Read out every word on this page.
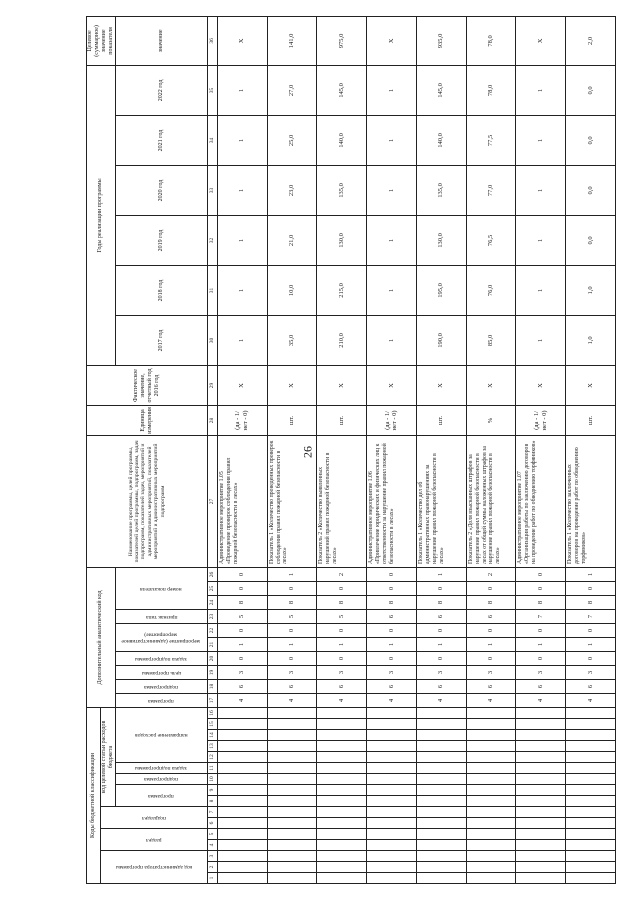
26
Коды бюджетной классификации																Дополнительный аналитический код										Наименование программы, целей программы, показателей целей программы, подпрограмм, задач подпрограмм, показателей задач, мероприятий и административных мероприятий, показателей мероприятий и административных мероприятий подпрограмм	Единица измерения	Фактическое значение, отчетный год 2016 год	Годы реализации программы						Целевое (суммарное) значение показателя	

код администратора программы			раздел		подраздел		код целевой статьи расходов бюджета																													

							программа		подпрограмма	задача подпрограммы	направление расходов					программа	подпрограмма	цель программы	задача подпрограммы	мероприятие (административное мероприятие)		признак типа	номер показателя						2017 год	2018 год	2019 год	2020 год	2021 год	2022 год	значение	
1	2	3	4	5	6	7	8	9	10	11	12	13	14	15	16	17	18	19	20	21	22	23	24	25	26	27	28	29	30	31	32	33	34	35	36	
																4	6	3	0	1	0	5	8	0	0	Административное мероприятие 1.05 «Проведение проверок соблюдения правил пожарной безопасности в лесах»	(да - 1/ нет - 0)	X	1	1	1	1	1	1	X	
																4	6	3	0	1	0	5	8	0	1	Показатель 1 «Количество проведенных проверок соблюдения правил пожарной безопасности в лесах»	шт.	X	35,0	10,0	21,0	23,0	25,0	27,0	141,0	
																4	6	3	0	1	0	5	8	0	2	Показатель 2 «Количество выявленных нарушений правил пожарной безопасности в лесах»	шт.	X	210,0	215,0	130,0	135,0	140,0	145,0	975,0	
																4	6	3	0	1	0	6	8	0	0	Административное мероприятие 1.06 «Привлечение юридических и физических лиц к ответственности за нарушение правил пожарной безопасности в лесах»	(да - 1/ нет - 0)	X	1	1	1	1	1	1	X	
																4	6	3	0	1	0	6	8	0	1	Показатель 1 «Количество дел об административных правонарушениях за нарушение правил пожарной безопасности в лесах»	шт.	X	190,0	195,0	130,0	135,0	140,0	145,0	935,0	
																4	6	3	0	1	0	6	8	0	2	Показатель 2 «Доля взысканных штрафов за нарушение правил пожарной безопасности в лесах от общей суммы наложенных штрафов за нарушение правил пожарной безопасности в лесах»	%	X	85,0	76,0	76,5	77,0	77,5	78,0	78,0	
																4	6	3	0	1	0	7	8	0	0	Административное мероприятие 1.07 «Организация работы по заключению договоров на проведение работ по обводнению торфяников»	(да - 1/ нет - 0)	X	1	1	1	1	1	1	X	
																4	6	3	0	1	0	7	8	0	1	Показатель 1 «Количество заключенных договоров на проведение работ по обводнению торфяников»	шт.	X	1,0	1,0	0,0	0,0	0,0	0,0	2,0	
